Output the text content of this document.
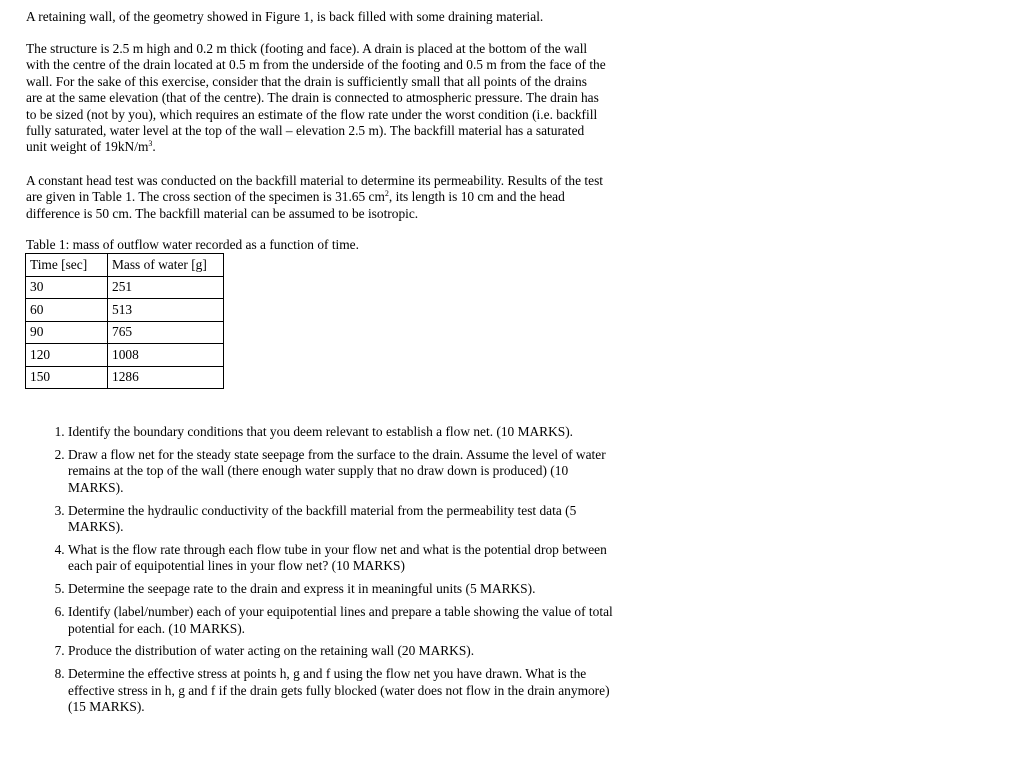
A retaining wall, of the geometry showed in Figure 1, is back filled with some draining material.

The structure is 2.5 m high and 0.2 m thick (footing and face). A drain is placed at the bottom of the wall with the centre of the drain located at 0.5 m from the underside of the footing and 0.5 m from the face of the wall. For the sake of this exercise, consider that the drain is sufficiently small that all points of the drains are at the same elevation (that of the centre). The drain is connected to atmospheric pressure. The drain has to be sized (not by you), which requires an estimate of the flow rate under the worst condition (i.e. backfill fully saturated, water level at the top of the wall – elevation 2.5 m). The backfill material has a saturated unit weight of $19kN/m^3$.

A constant head test was conducted on the backfill material to determine its permeability. Results of the test are given in Table 1. The cross section of the specimen is 31.65 $cm^2$, its length is 10 cm and the head difference is 50 cm. The backfill material can be assumed to be isotropic.

Table 1: mass of outflow water recorded as a function of time.

Time [sec]	Mass of water [g]
30	251
60	513
90	765
120	1008
150	1286
1. Identify the boundary conditions that you deem relevant to establish a flow net. (10 MARKS).
2. Draw a flow net for the steady state seepage from the surface to the drain. Assume the level of water remains at the top of the wall (there enough water supply that no draw down is produced) (10 MARKS).
3. Determine the hydraulic conductivity of the backfill material from the permeability test data (5 MARKS).
4. What is the flow rate through each flow tube in your flow net and what is the potential drop between each pair of equipotential lines in your flow net? (10 MARKS)
5. Determine the seepage rate to the drain and express it in meaningful units (5 MARKS).
6. Identify (label/number) each of your equipotential lines and prepare a table showing the value of total potential for each. (10 MARKS).
7. Produce the distribution of water acting on the retaining wall (20 MARKS).
8. Determine the effective stress at points h, g and f using the flow net you have drawn. What is the effective stress in h, g and f if the drain gets fully blocked (water does not flow in the drain anymore) (15 MARKS).
